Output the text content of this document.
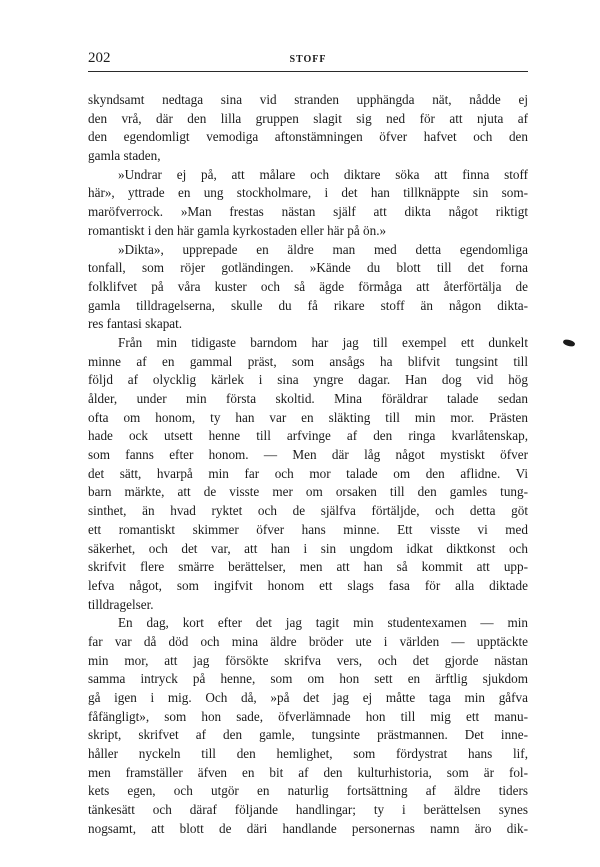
202	STOFF
skyndsamt nedtaga sina vid stranden upphängda nät, nådde ej
den vrå, där den lilla gruppen slagit sig ned för att njuta af
den egendomligt vemodiga aftonstämningen öfver hafvet och den
gamla staden,
»Undrar ej på, att målare och diktare söka att finna stoff
här», yttrade en ung stockholmare, i det han tillknäppte sin som-
maröfverrock. »Man frestas nästan själf att dikta något riktigt
romantiskt i den här gamla kyrkostaden eller här på ön.»
»Dikta», upprepade en äldre man med detta egendomliga
tonfall, som röjer gotländingen. »Kände du blott till det forna
folklifvet på våra kuster och så ägde förmåga att återförtälja de
gamla tilldragelserna, skulle du få rikare stoff än någon dikta-
res fantasi skapat.
Från min tidigaste barndom har jag till exempel ett dunkelt
minne af en gammal präst, som ansågs ha blifvit tungsint till
följd af olycklig kärlek i sina yngre dagar. Han dog vid hög
ålder, under min första skoltid. Mina föräldrar talade sedan
ofta om honom, ty han var en släkting till min mor. Prästen
hade ock utsett henne till arfvinge af den ringa kvarlåtenskap,
som fanns efter honom. — Men där låg något mystiskt öfver
det sätt, hvarpå min far och mor talade om den aflidne. Vi
barn märkte, att de visste mer om orsaken till den gamles tung-
sinthet, än hvad ryktet och de själfva förtäljde, och detta göt
ett romantiskt skimmer öfver hans minne. Ett visste vi med
säkerhet, och det var, att han i sin ungdom idkat diktkonst och
skrifvit flere smärre berättelser, men att han så kommit att upp-
lefva något, som ingifvit honom ett slags fasa för alla diktade
tilldragelser.
En dag, kort efter det jag tagit min studentexamen — min
far var då död och mina äldre bröder ute i världen — upptäckte
min mor, att jag försökte skrifva vers, och det gjorde nästan
samma intryck på henne, som om hon sett en ärftlig sjukdom
gå igen i mig. Och då, »på det jag ej måtte taga min gåfva
fåfängligt», som hon sade, öfverlämnade hon till mig ett manu-
skript, skrifvet af den gamle, tungsinte prästmannen. Det inne-
håller nyckeln till den hemlighet, som fördystrat hans lif,
men framställer äfven en bit af den kulturhistoria, som är fol-
kets egen, och utgör en naturlig fortsättning af äldre tiders
tänkesätt och däraf följande handlingar; ty i berättelsen synes
nogsamt, att blott de däri handlande personernas namn äro dik-
